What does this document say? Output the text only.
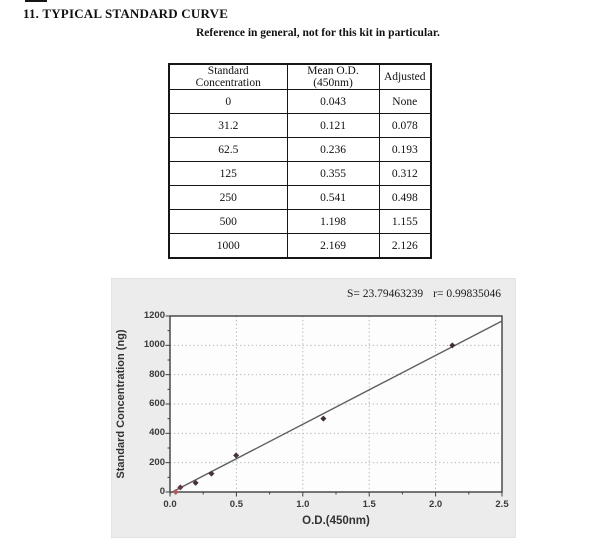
11. TYPICAL STANDARD CURVE
Reference in general, not for this kit in particular.
Standard Concentration	Mean O.D.(450nm)	Adjusted
0	0.043	None
31.2	0.121	0.078
62.5	0.236	0.193
125	0.355	0.312
250	0.541	0.498
500	1.198	1.155
1000	2.169	2.126
S= 23.79463239 r= 0.99835046
Standard Concentration (ng)
O.D.(450nm)
0.0	0.5	1.0	1.5	2.0	2.5
0
200
400
600
800
1000
1200
